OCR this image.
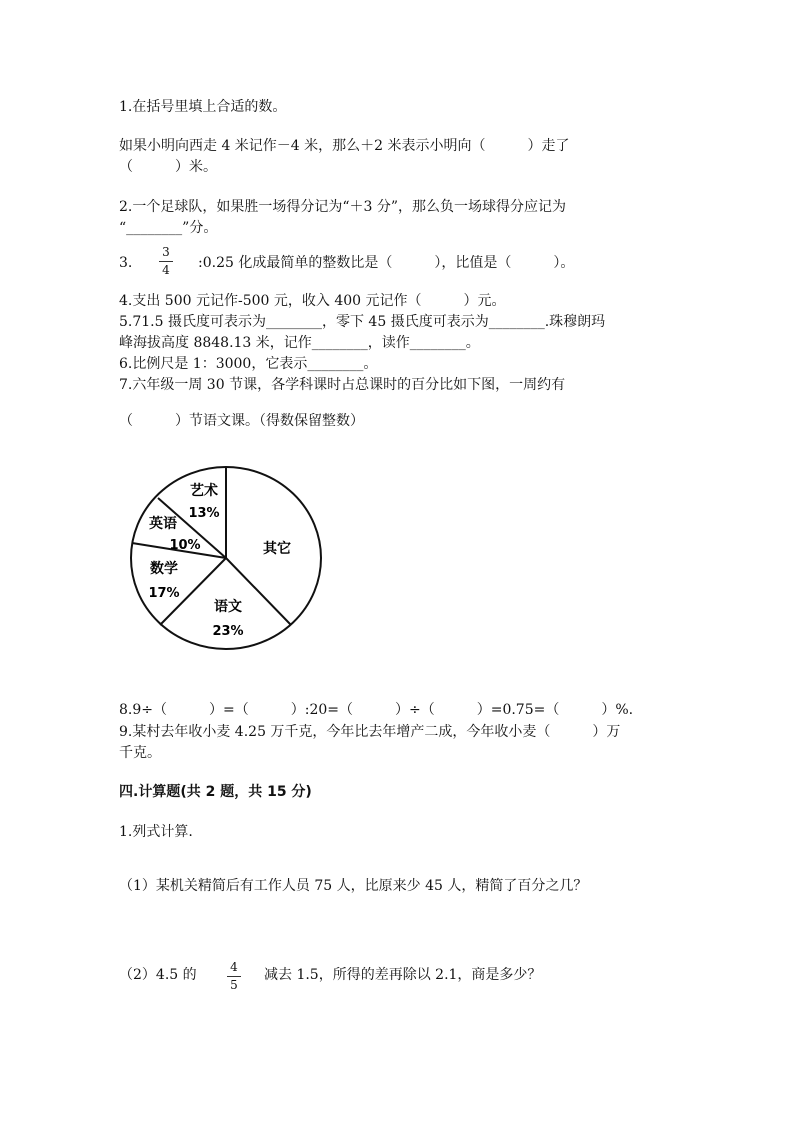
1.在括号里填上合适的数。
如果小明向西走 4 米记作－4 米，那么＋2 米表示小明向（　　　）走了
（　　　）米。
2.一个足球队，如果胜一场得分记为“＋3 分”，那么负一场球得分应记为
“________”分。
3.
3
4 :0.25 化成最简单的整数比是（　　　），比值是（　　　）。
4.支出 500 元记作-500 元，收入 400 元记作（　　　）元。
5.71.5 摄氏度可表示为________，零下 45 摄氏度可表示为________.珠穆朗玛
峰海拔高度 8848.13 米，记作________，读作________。
6.比例尺是 1：3000，它表示________。
7.六年级一周 30 节课，各学科课时占总课时的百分比如下图，一周约有
（　　　）节语文课。（得数保留整数）
艺术
13%
英语
10%
数学
17%
语文
23%
其它
8.9÷（　　　）=（　　　）:20=（　　　）÷（　　　）=0.75=（　　　）%.
9.某村去年收小麦 4.25 万千克，今年比去年增产二成，今年收小麦（　　　）万
千克。
四.计算题(共 2 题，共 15 分)
1.列式计算.
（1）某机关精简后有工作人员 75 人，比原来少 45 人，精简了百分之几？
（2）4.5 的	4
5
减去 1.5，所得的差再除以 2.1，商是多少？
